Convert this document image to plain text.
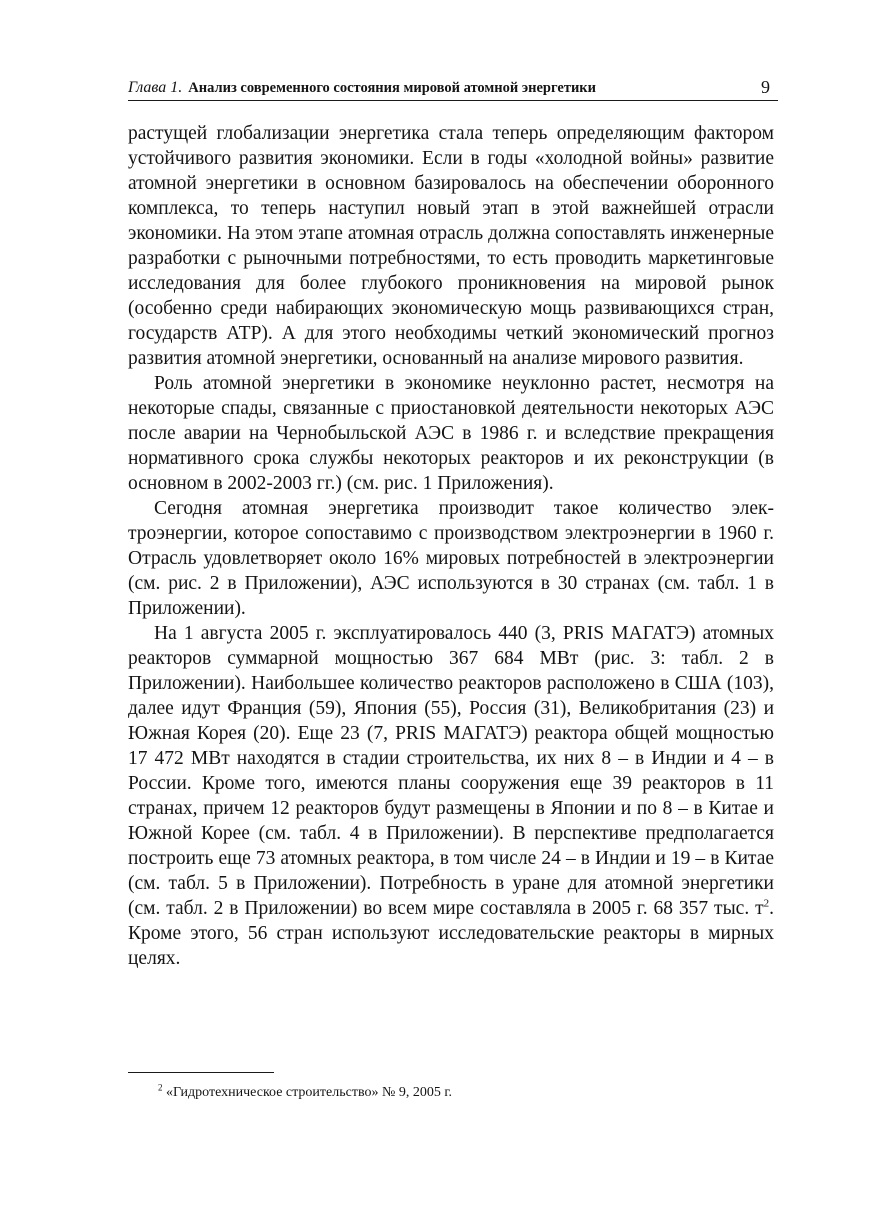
Глава 1. Анализ современного состояния мировой атомной энергетики	9

растущей глобализации энергетика стала теперь определяющим фактором устойчивого развития экономики. Если в годы «холодной войны» развитие атомной энергетики в основном базировалось на обеспечении оборонного комплекса, то теперь наступил новый этап в этой важнейшей отрасли экономики. На этом этапе атомная отрасль должна сопоставлять инженерные разработки с рыночными потребностями, то есть проводить маркетинговые исследования для более глубокого проникновения на мировой рынок (особенно среди набирающих экономическую мощь развивающихся стран, государств АТР). А для этого необходимы четкий экономический прогноз развития атомной энергетики, основанный на анализе мирового развития.

Роль атомной энергетики в экономике неуклонно растет, несмотря на некоторые спады, связанные с приостановкой деятельности некоторых АЭС после аварии на Чернобыльской АЭС в 1986 г. и вследствие прекращения нормативного срока службы некоторых реакторов и их реконструкции (в основном в 2002-2003 гг.) (см. рис. 1 Приложения).

Сегодня атомная энергетика производит такое количество электроэнергии, которое сопоставимо с производством электроэнергии в 1960 г. Отрасль удовлетворяет около 16% мировых потребностей в электроэнергии (см. рис. 2 в Приложении), АЭС используются в 30 странах (см. табл. 1 в Приложении).

На 1 августа 2005 г. эксплуатировалось 440 (3, PRIS МАГАТЭ) атомных реакторов суммарной мощностью 367 684 МВт (рис. 3: табл. 2 в Приложении). Наибольшее количество реакторов расположено в США (103), далее идут Франция (59), Япония (55), Россия (31), Великобритания (23) и Южная Корея (20). Еще 23 (7, PRIS МАГАТЭ) реактора общей мощностью 17 472 МВт находятся в стадии строительства, их них 8 – в Индии и 4 – в России. Кроме того, имеются планы сооружения еще 39 реакторов в 11 странах, причем 12 реакторов будут размещены в Японии и по 8 – в Китае и Южной Корее (см. табл. 4 в Приложении). В перспективе предполагается построить еще 73 атомных реактора, в том числе 24 – в Индии и 19 – в Китае (см. табл. 5 в Приложении). Потребность в уране для атомной энергетики (см. табл. 2 в Приложении) во всем мире составляла в 2005 г. 68 357 тыс. $т^2$. Кроме этого, 56 стран используют исследовательские реакторы в мирных целях.

$^2$ «Гидротехническое строительство» № 9, 2005 г.
